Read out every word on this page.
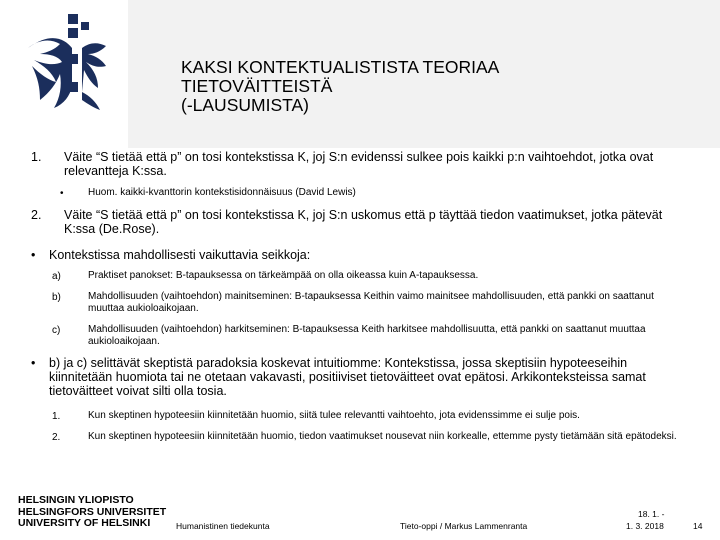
KAKSI KONTEKTUALISTISTA TEORIAA
TIETOVÄITTEISTÄ
(-LAUSUMISTA)
1. Väite “S tietää että p” on tosi kontekstissa K, joj S:n evidenssi sulkee pois kaikki p:n vaihtoehdot, jotka ovat relevantteja K:ssa.
• Huom. kaikki-kvanttorin kontekstisidonnäisuus (David Lewis)
2. Väite “S tietää että p” on tosi kontekstissa K, joj S:n uskomus että p täyttää tiedon vaatimukset, jotka pätevät K:ssa (De.Rose).
• Kontekstissa mahdollisesti vaikuttavia seikkoja:
a)	Praktiset panokset: B-tapauksessa on tärkeämpää on olla oikeassa kuin A-tapauksessa.
b)	Mahdollisuuden (vaihtoehdon) mainitseminen: B-tapauksessa Keithin vaimo mainitsee mahdollisuuden, että pankki on saattanut muuttaa aukioloaikojaan.
c)	Mahdollisuuden (vaihtoehdon) harkitseminen: B-tapauksessa Keith harkitsee mahdollisuutta, että pankki on saattanut muuttaa aukioloaikojaan.
• b) ja c) selittävät skeptistä paradoksia koskevat intuitiomme: Kontekstissa, jossa skeptisiin hypoteeseihin kiinnitetään huomiota tai ne otetaan vakavasti, positiiviset tietoväitteet ovat epätosi. Arkikonteksteissa samat tietoväitteet voivat silti olla tosia.
1.	Kun skeptinen hypoteesiin kiinnitetään huomio, siitä tulee relevantti vaihtoehto, jota evidenssimme ei sulje pois.
2.	Kun skeptinen hypoteesiin kiinnitetään huomio, tiedon vaatimukset nousevat niin korkealle, ettemme pysty tietämään sitä epätodeksi.
HELSINGIN YLIOPISTO
HELSINGFORS UNIVERSITET
UNIVERSITY OF HELSINKI	Humanistinen tiedekunta	Tieto-oppi / Markus Lammenranta
18. 1. -
1. 3. 2018	14
